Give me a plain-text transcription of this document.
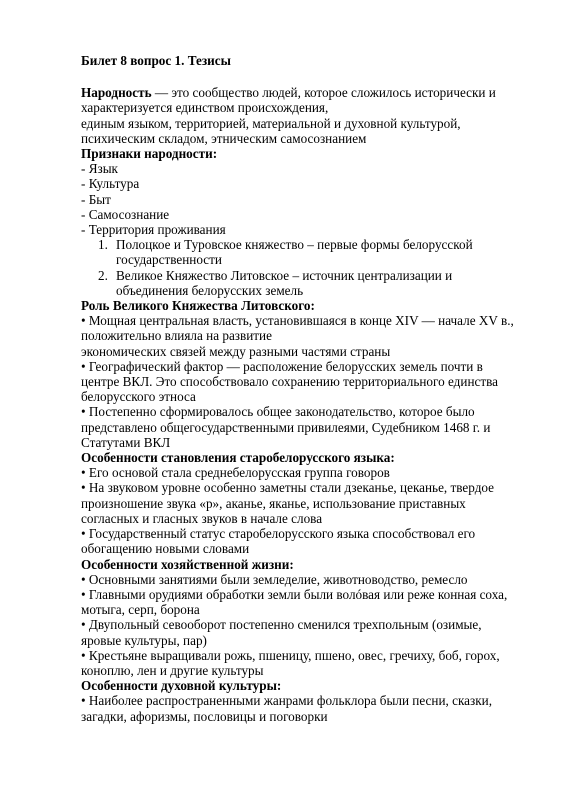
Билет 8 вопрос 1. Тезисы
Народность — это сообщество людей, которое сложилось исторически и
характеризуется единством происхождения,
единым языком, территорией, материальной и духовной культурой,
психическим складом, этническим самосознанием
Признаки народности:
- Язык
- Культура
- Быт
- Самосознание
- Территория проживания
1. Полоцкое и Туровское княжество – первые формы белорусской
государственности
2. Великое Княжество Литовское – источник централизации и
объединения белорусских земель
Роль Великого Княжества Литовского:
• Мощная центральная власть, установившаяся в конце XIV — начале XV в.,
положительно влияла на развитие
экономических связей между разными частями страны
• Географический фактор — расположение белорусских земель почти в
центре ВКЛ. Это способствовало сохранению территориального единства
белорусского этноса
• Постепенно сформировалось общее законодательство, которое было
представлено общегосударственными привилеями, Судебником 1468 г. и
Статутами ВКЛ
Особенности становления старобелорусского языка:
• Его основой стала среднебелорусская группа говоров
• На звуковом уровне особенно заметны стали дзеканье, цеканье, твердое
произношение звука «р», аканье, яканье, использование приставных
согласных и гласных звуков в начале слова
• Государственный статус старобелорусского языка способствовал его
обогащению новыми словами
Особенности хозяйственной жизни:
• Основными занятиями были земледелие, животноводство, ремесло
• Главными орудиями обработки земли были волóвая или реже конная соха,
мотыга, серп, борона
• Двупольный севооборот постепенно сменился трехпольным (озимые,
яровые культуры, пар)
• Крестьяне выращивали рожь, пшеницу, пшено, овес, гречиху, боб, горох,
коноплю, лен и другие культуры
Особенности духовной культуры:
• Наиболее распространенными жанрами фольклора были песни, сказки,
загадки, афоризмы, пословицы и поговорки
